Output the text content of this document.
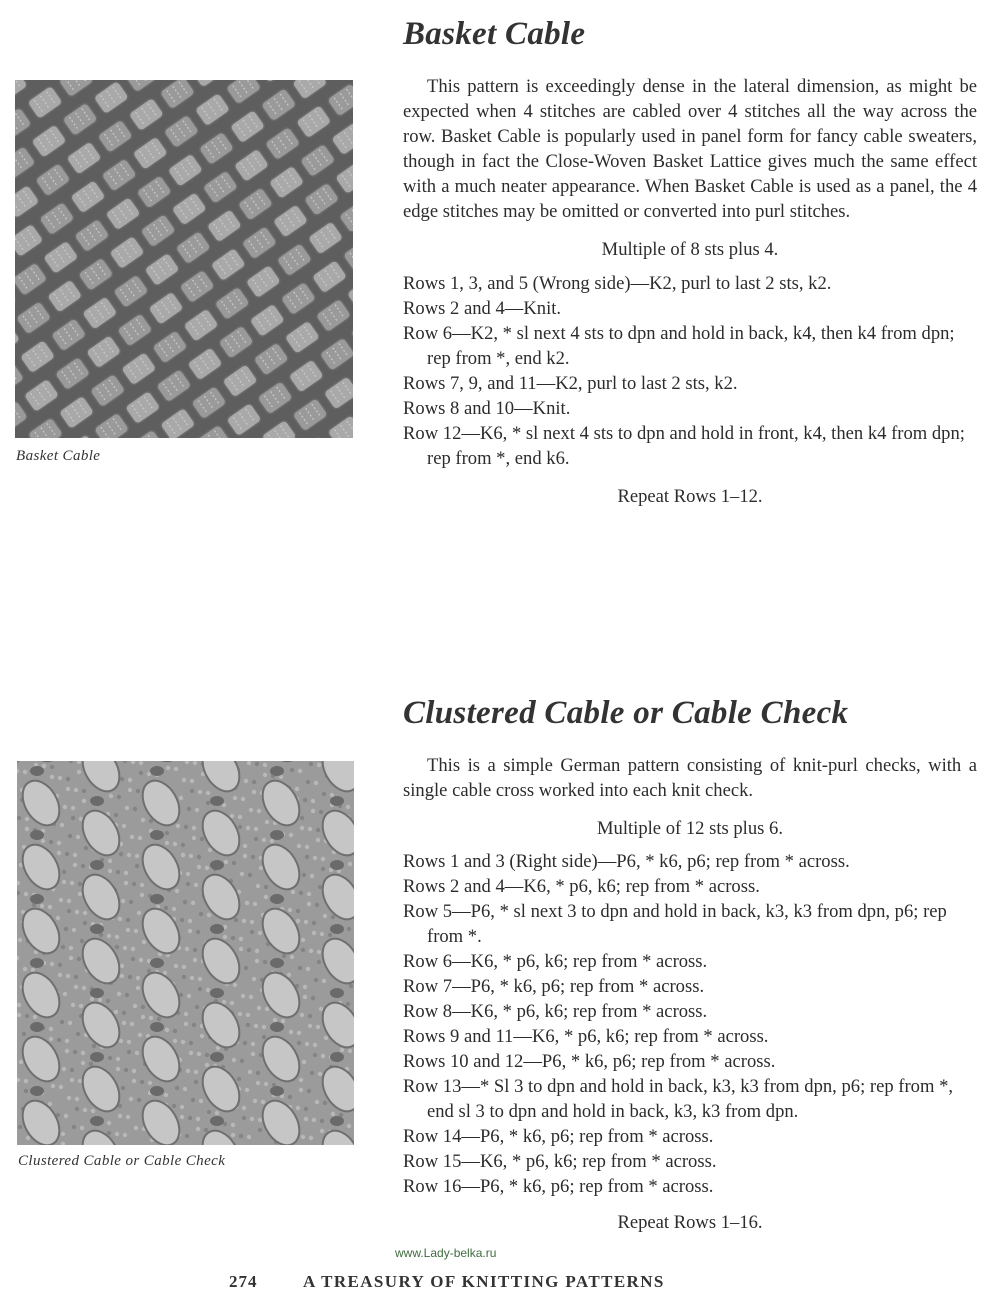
Basket Cable
Basket Cable

This pattern is exceedingly dense in the lateral dimension, as might be expected when 4 stitches are cabled over 4 stitches all the way across the row. Basket Cable is popularly used in panel form for fancy cable sweaters, though in fact the Close-Woven Basket Lattice gives much the same effect with a much neater appearance. When Basket Cable is used as a panel, the 4 edge stitches may be omitted or converted into purl stitches.

Multiple of 8 sts plus 4.

Rows 1, 3, and 5 (Wrong side)—K2, purl to last 2 sts, k2.
Rows 2 and 4—Knit.
Row 6—K2, * sl next 4 sts to dpn and hold in back, k4, then k4 from dpn; rep from *, end k2.
Rows 7, 9, and 11—K2, purl to last 2 sts, k2.
Rows 8 and 10—Knit.
Row 12—K6, * sl next 4 sts to dpn and hold in front, k4, then k4 from dpn; rep from *, end k6.

Repeat Rows 1–12.

Clustered Cable or Cable Check
Clustered Cable or Cable Check

This is a simple German pattern consisting of knit-purl checks, with a single cable cross worked into each knit check.

Multiple of 12 sts plus 6.

Rows 1 and 3 (Right side)—P6, * k6, p6; rep from * across.
Rows 2 and 4—K6, * p6, k6; rep from * across.
Row 5—P6, * sl next 3 to dpn and hold in back, k3, k3 from dpn, p6; rep from *.
Row 6—K6, * p6, k6; rep from * across.
Row 7—P6, * k6, p6; rep from * across.
Row 8—K6, * p6, k6; rep from * across.
Rows 9 and 11—K6, * p6, k6; rep from * across.
Rows 10 and 12—P6, * k6, p6; rep from * across.
Row 13—* Sl 3 to dpn and hold in back, k3, k3 from dpn, p6; rep from *, end sl 3 to dpn and hold in back, k3, k3 from dpn.
Row 14—P6, * k6, p6; rep from * across.
Row 15—K6, * p6, k6; rep from * across.
Row 16—P6, * k6, p6; rep from * across.

Repeat Rows 1–16.

www.Lady-belka.ru
274	A TREASURY OF KNITTING PATTERNS
